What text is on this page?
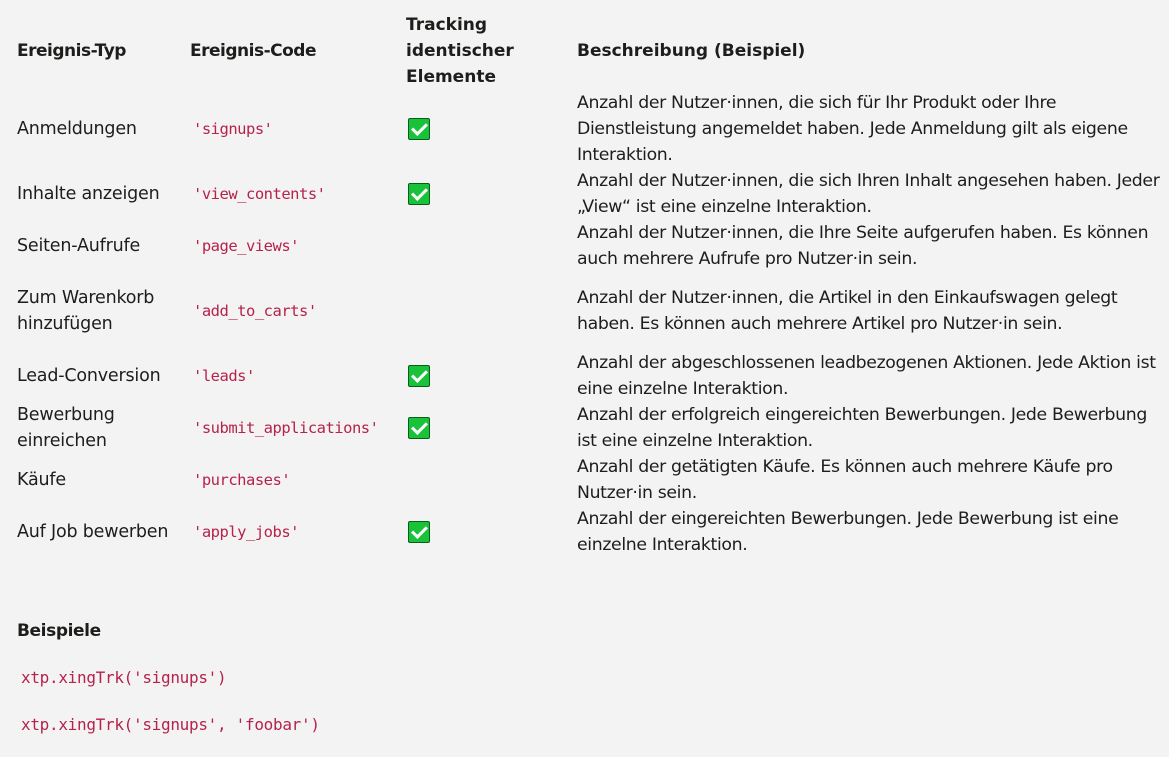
Ereignis-Typ	Ereignis-Code	Tracking
identischer
Elemente	Beschreibung (Beispiel)
Anmeldungen	'signups'		Anzahl der Nutzer·innen, die sich für Ihr Produkt oder Ihre Dienstleistung angemeldet haben. Jede Anmeldung gilt als eigene Interaktion.
Inhalte anzeigen	'view_contents'		Anzahl der Nutzer·innen, die sich Ihren Inhalt angesehen haben. Jeder „View“ ist eine einzelne Interaktion.
Seiten-Aufrufe	'page_views'		Anzahl der Nutzer·innen, die Ihre Seite aufgerufen haben. Es können auch mehrere Aufrufe pro Nutzer·in sein.
Zum Warenkorb hinzufügen	'add_to_carts'		Anzahl der Nutzer·innen, die Artikel in den Einkaufswagen gelegt haben. Es können auch mehrere Artikel pro Nutzer·in sein.
Lead-Conversion	'leads'		Anzahl der abgeschlossenen leadbezogenen Aktionen. Jede Aktion ist eine einzelne Interaktion.
Bewerbung einreichen	'submit_applications'		Anzahl der erfolgreich eingereichten Bewerbungen. Jede Bewerbung ist eine einzelne Interaktion.
Käufe	'purchases'		Anzahl der getätigten Käufe. Es können auch mehrere Käufe pro Nutzer·in sein.
Auf Job bewerben	'apply_jobs'		Anzahl der eingereichten Bewerbungen. Jede Bewerbung ist eine einzelne Interaktion.
Beispiele
xtp.xingTrk('signups')
xtp.xingTrk('signups', 'foobar')
